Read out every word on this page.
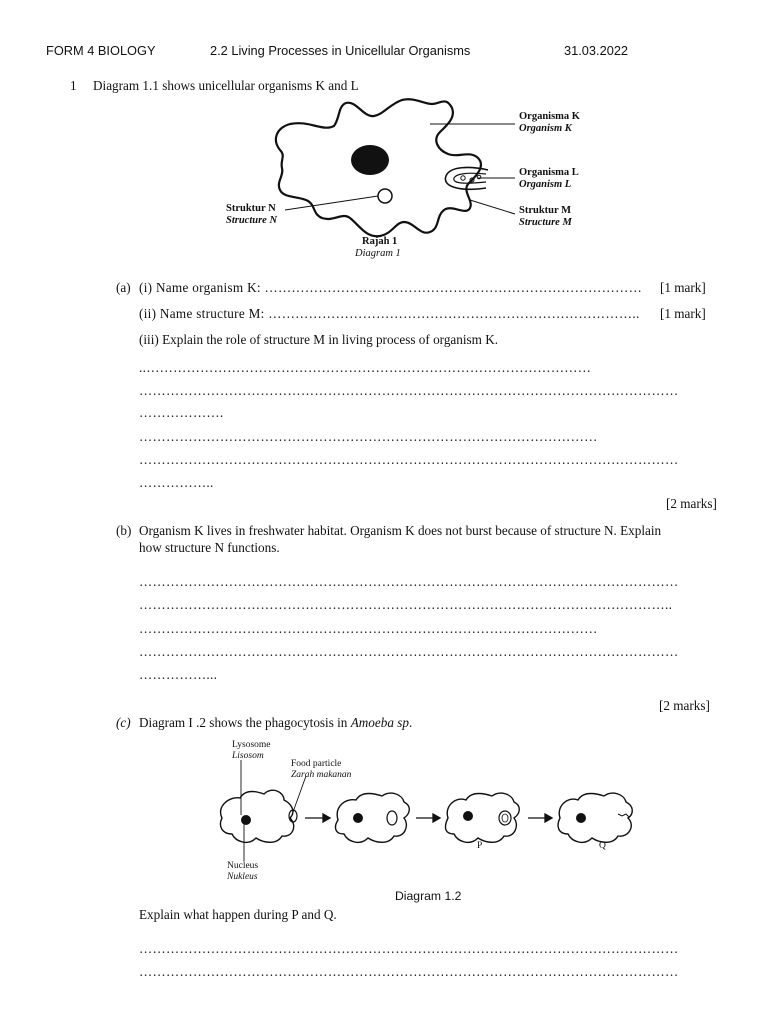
FORM 4 BIOLOGY	2.2 Living Processes in Unicellular Organisms	31.03.2022
1 Diagram 1.1 shows unicellular organisms K and L
Organisma K
Organism K
Organisma L
Organism L
Struktur M
Structure M
Struktur N
Structure N
Rajah 1
Diagram 1
(a) (i) Name organism K: ………………………………………………………………………… [1 mark]
(ii) Name structure M: ……………………………………………………………………….. [1 mark]
(iii) Explain the role of structure M in living process of organism K.
..………………………………………………………………………………………
…………………………………………………………………………………………………………
……………….
…………………………………………………………………………………………
…………………………………………………………………………………………………………
……………..
[2 marks]
(b) Organism K lives in freshwater habitat. Organism K does not burst because of structure N. Explain
how structure N functions.
…………………………………………………………………………………………………………
………………………………………………………………………………………………………..
…………………………………………………………………………………………
…………………………………………………………………………………………………………
……………...
[2 marks]
(c) Diagram I .2 shows the phagocytosis in Amoeba sp.
Lysosome
Lisosom
Food particle
Zarah makanan
Nucleus
Nukleus
P	Q
Diagram 1.2
Explain what happen during P and Q.
…………………………………………………………………………………………………………
…………………………………………………………………………………………………………
